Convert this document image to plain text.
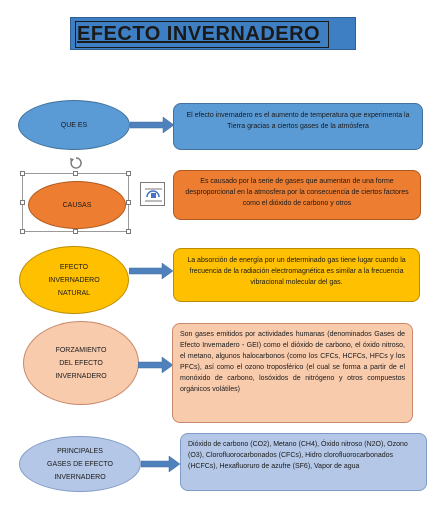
EFECTO INVERNADERO
QUE ES
El efecto invernadero es el aumento de temperatura que experimenta la Tierra gracias a ciertos gases de la atmósfera
CAUSAS
Es causado por la serie de gases que aumentan de una forme desproporcional en la atmosfera por la consecuencia de ciertos factores como el dióxido de carbono y otros
EFECTO
INVERNADERO
NATURAL
La absorción de energía por un determinado gas tiene lugar cuando la frecuencia de la radiación electromagnética es similar a la frecuencia vibracional molecular del gas.
FORZAMIENTO
DEL EFECTO
INVERNADERO
Son gases emitidos por actividades humanas (denominados Gases de Efecto Invernadero - GEI) como el dióxido de carbono, el óxido nitroso, el metano, algunos halocarbonos (como los CFCs, HCFCs, HFCs y los PFCs), así como el ozono troposférico (el cual se forma a partir de el monóxido de carbono, losóxidos de nitrógeno y otros compuestos orgánicos volátiles)
PRINCIPALES
GASES DE EFECTO
INVERNADERO
Dióxido de carbono (CO2), Metano (CH4), Óxido nitroso (N2O), Ozono (O3), Clorofluorocarbonados (CFCs), Hidro clorofluorocarbonados (HCFCs), Hexafluoruro de azufre (SF6), Vapor de agua
